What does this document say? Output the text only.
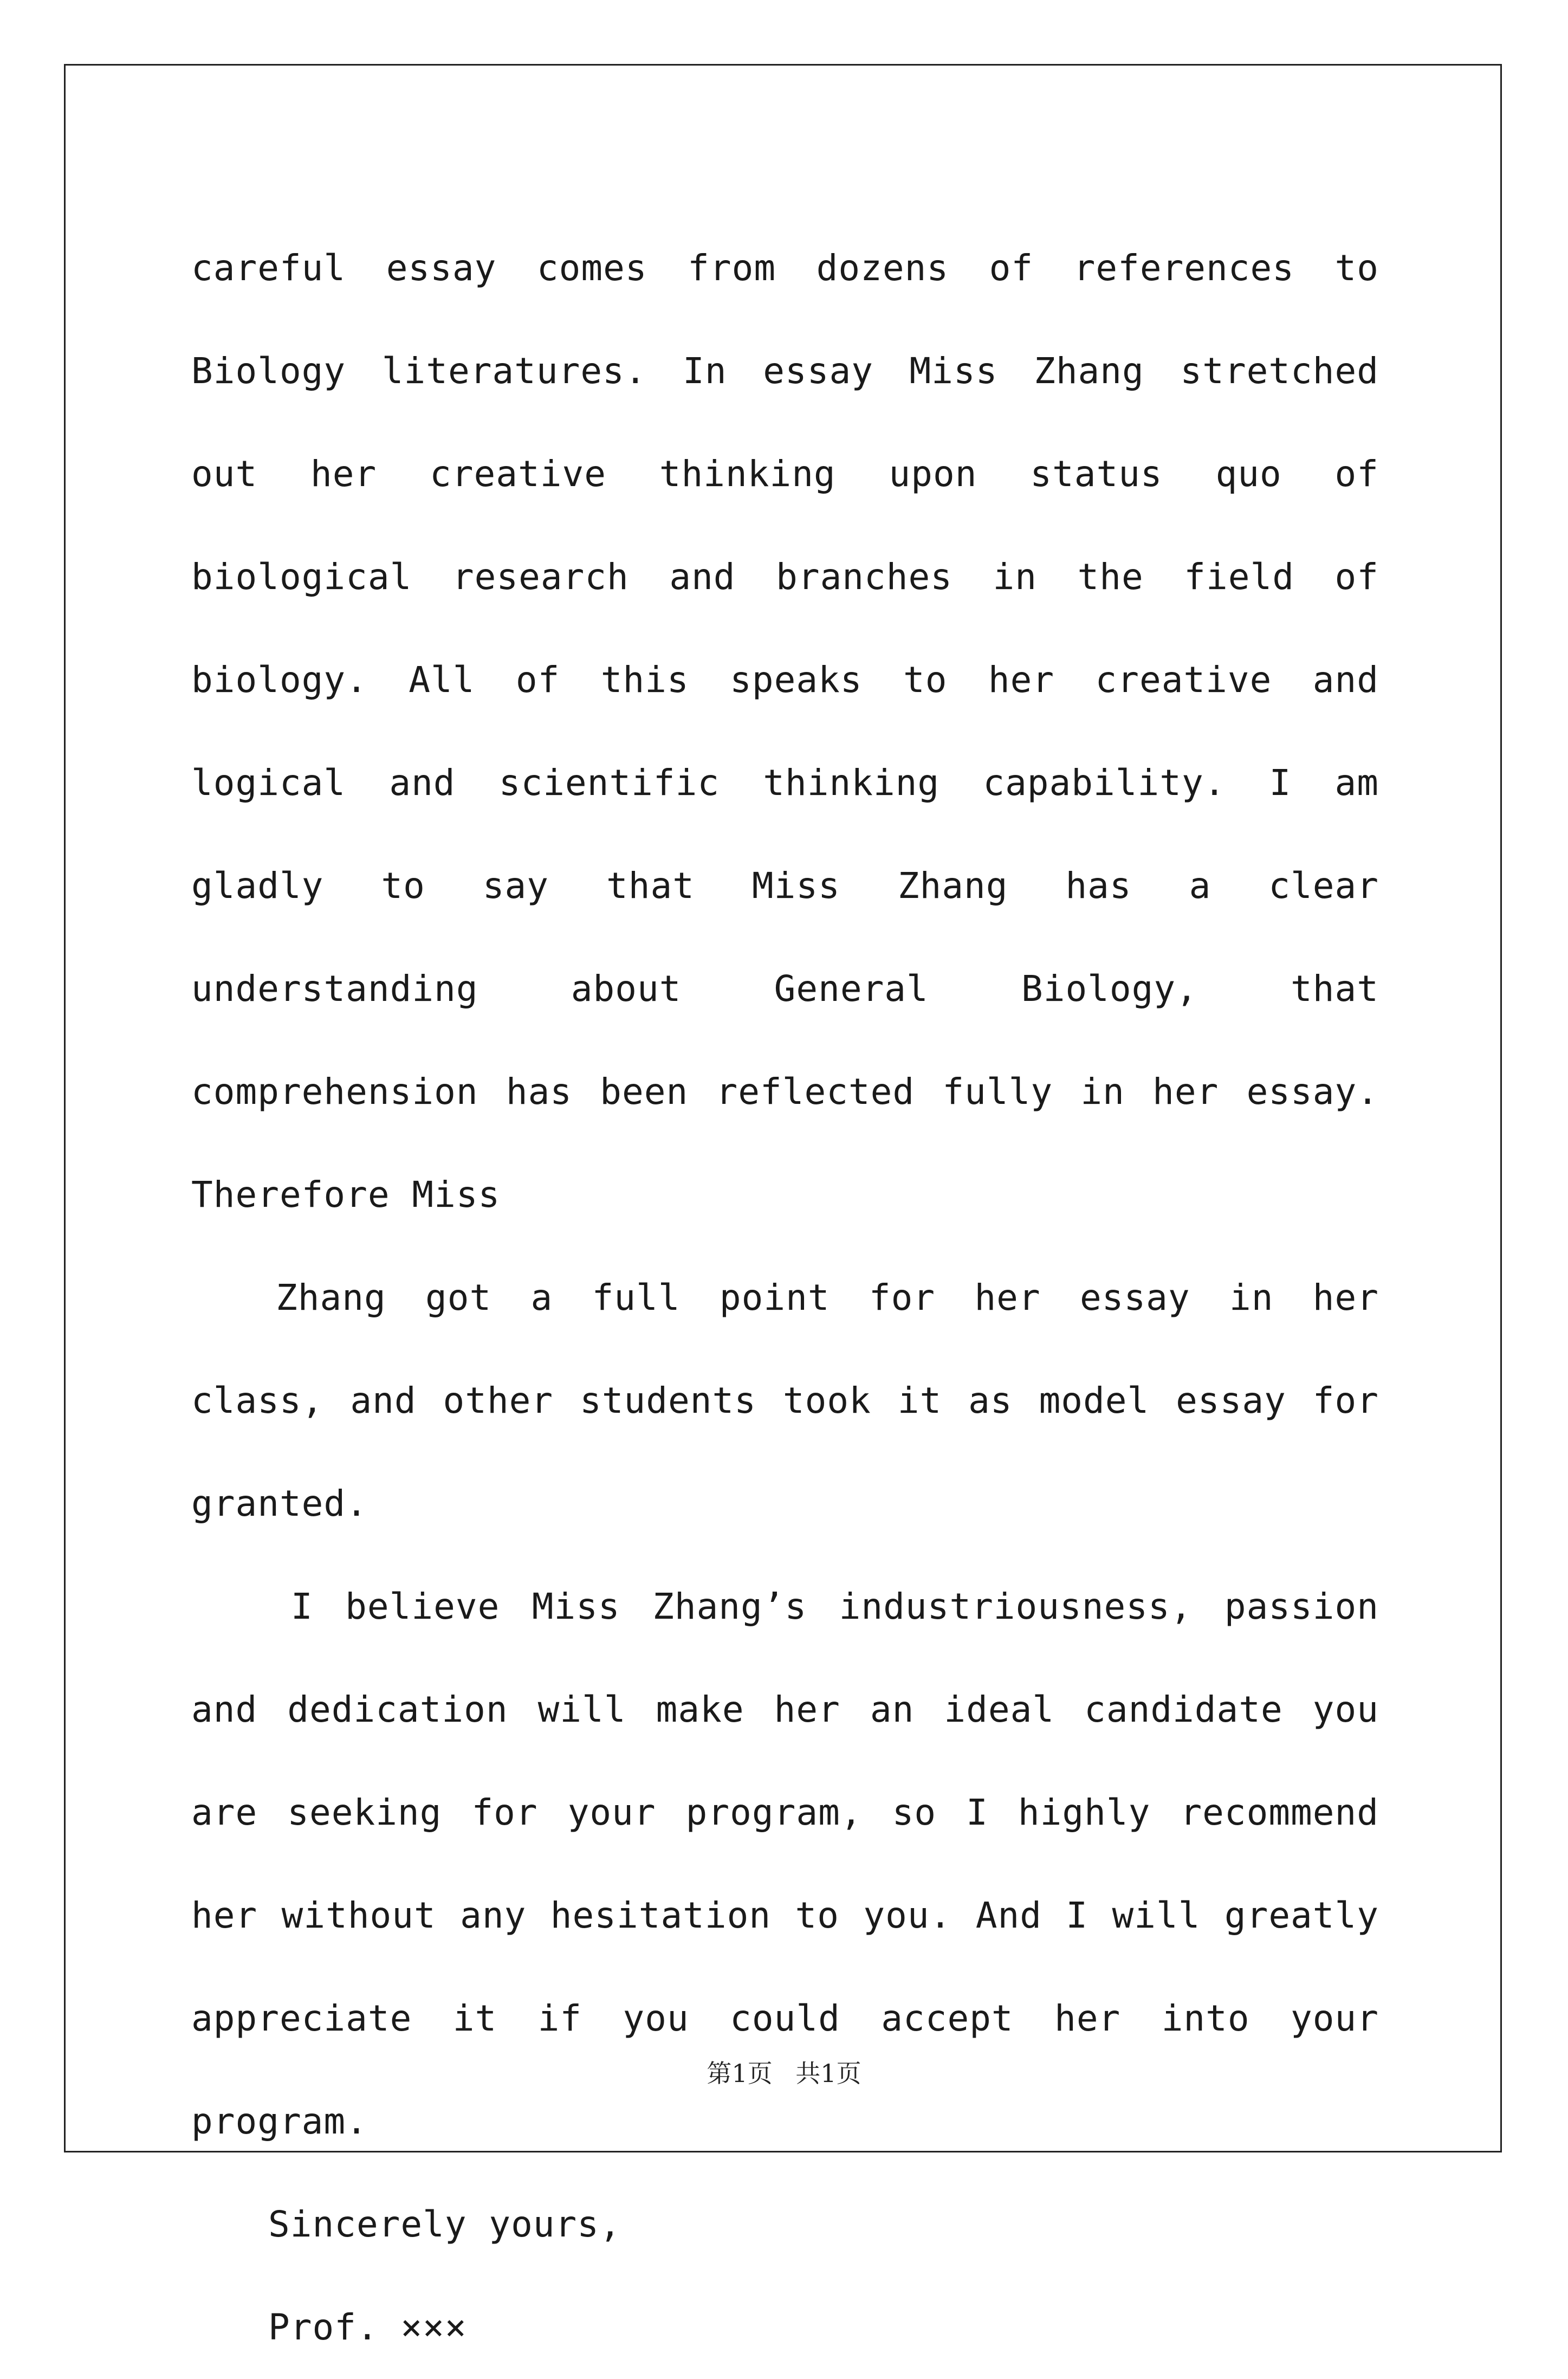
careful essay comes from dozens of references to Biology literatures. In essay Miss Zhang stretched out her creative thinking upon status quo of biological research and branches in the field of biology. All of this speaks to her creative and logical and scientific thinking capability. I am gladly to say that Miss Zhang has a clear understanding about General Biology, that comprehension has been reflected fully in her essay. Therefore Miss

Zhang got a full point for her essay in her class, and other students took it as model essay for granted.

I believe Miss Zhang’s industriousness, passion and dedication will make her an ideal candidate you are seeking for your program, so I highly recommend her without any hesitation to you. And I will greatly appreciate it if you could accept her into your program.

Sincerely yours,

Prof. ×××

第1页 共1页
